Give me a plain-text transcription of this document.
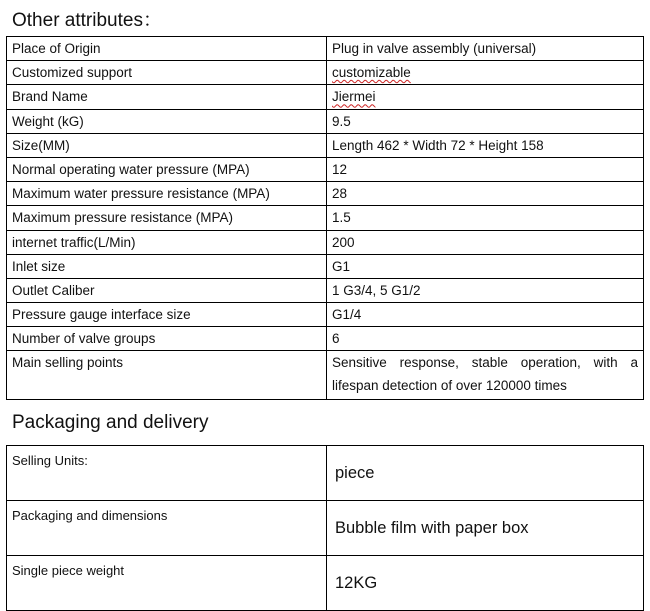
Other attributes：
Place of Origin	Plug in valve assembly (universal)
Customized support	customizable
Brand Name	Jiermei
Weight (kG)	9.5
Size(MM)	Length 462 * Width 72 * Height 158
Normal operating water pressure (MPA)	12
Maximum water pressure resistance (MPA)	28
Maximum pressure resistance (MPA)	1.5
internet traffic(L/Min)	200
Inlet size	G1
Outlet Caliber	1 G3/4, 5 G1/2
Pressure gauge interface size	G1/4
Number of valve groups	6
Main selling points	Sensitive response, stable operation, with a lifespan detection of over 120000 times
Packaging and delivery
Selling Units:	piece
Packaging and dimensions	Bubble film with paper box
Single piece weight	12KG
